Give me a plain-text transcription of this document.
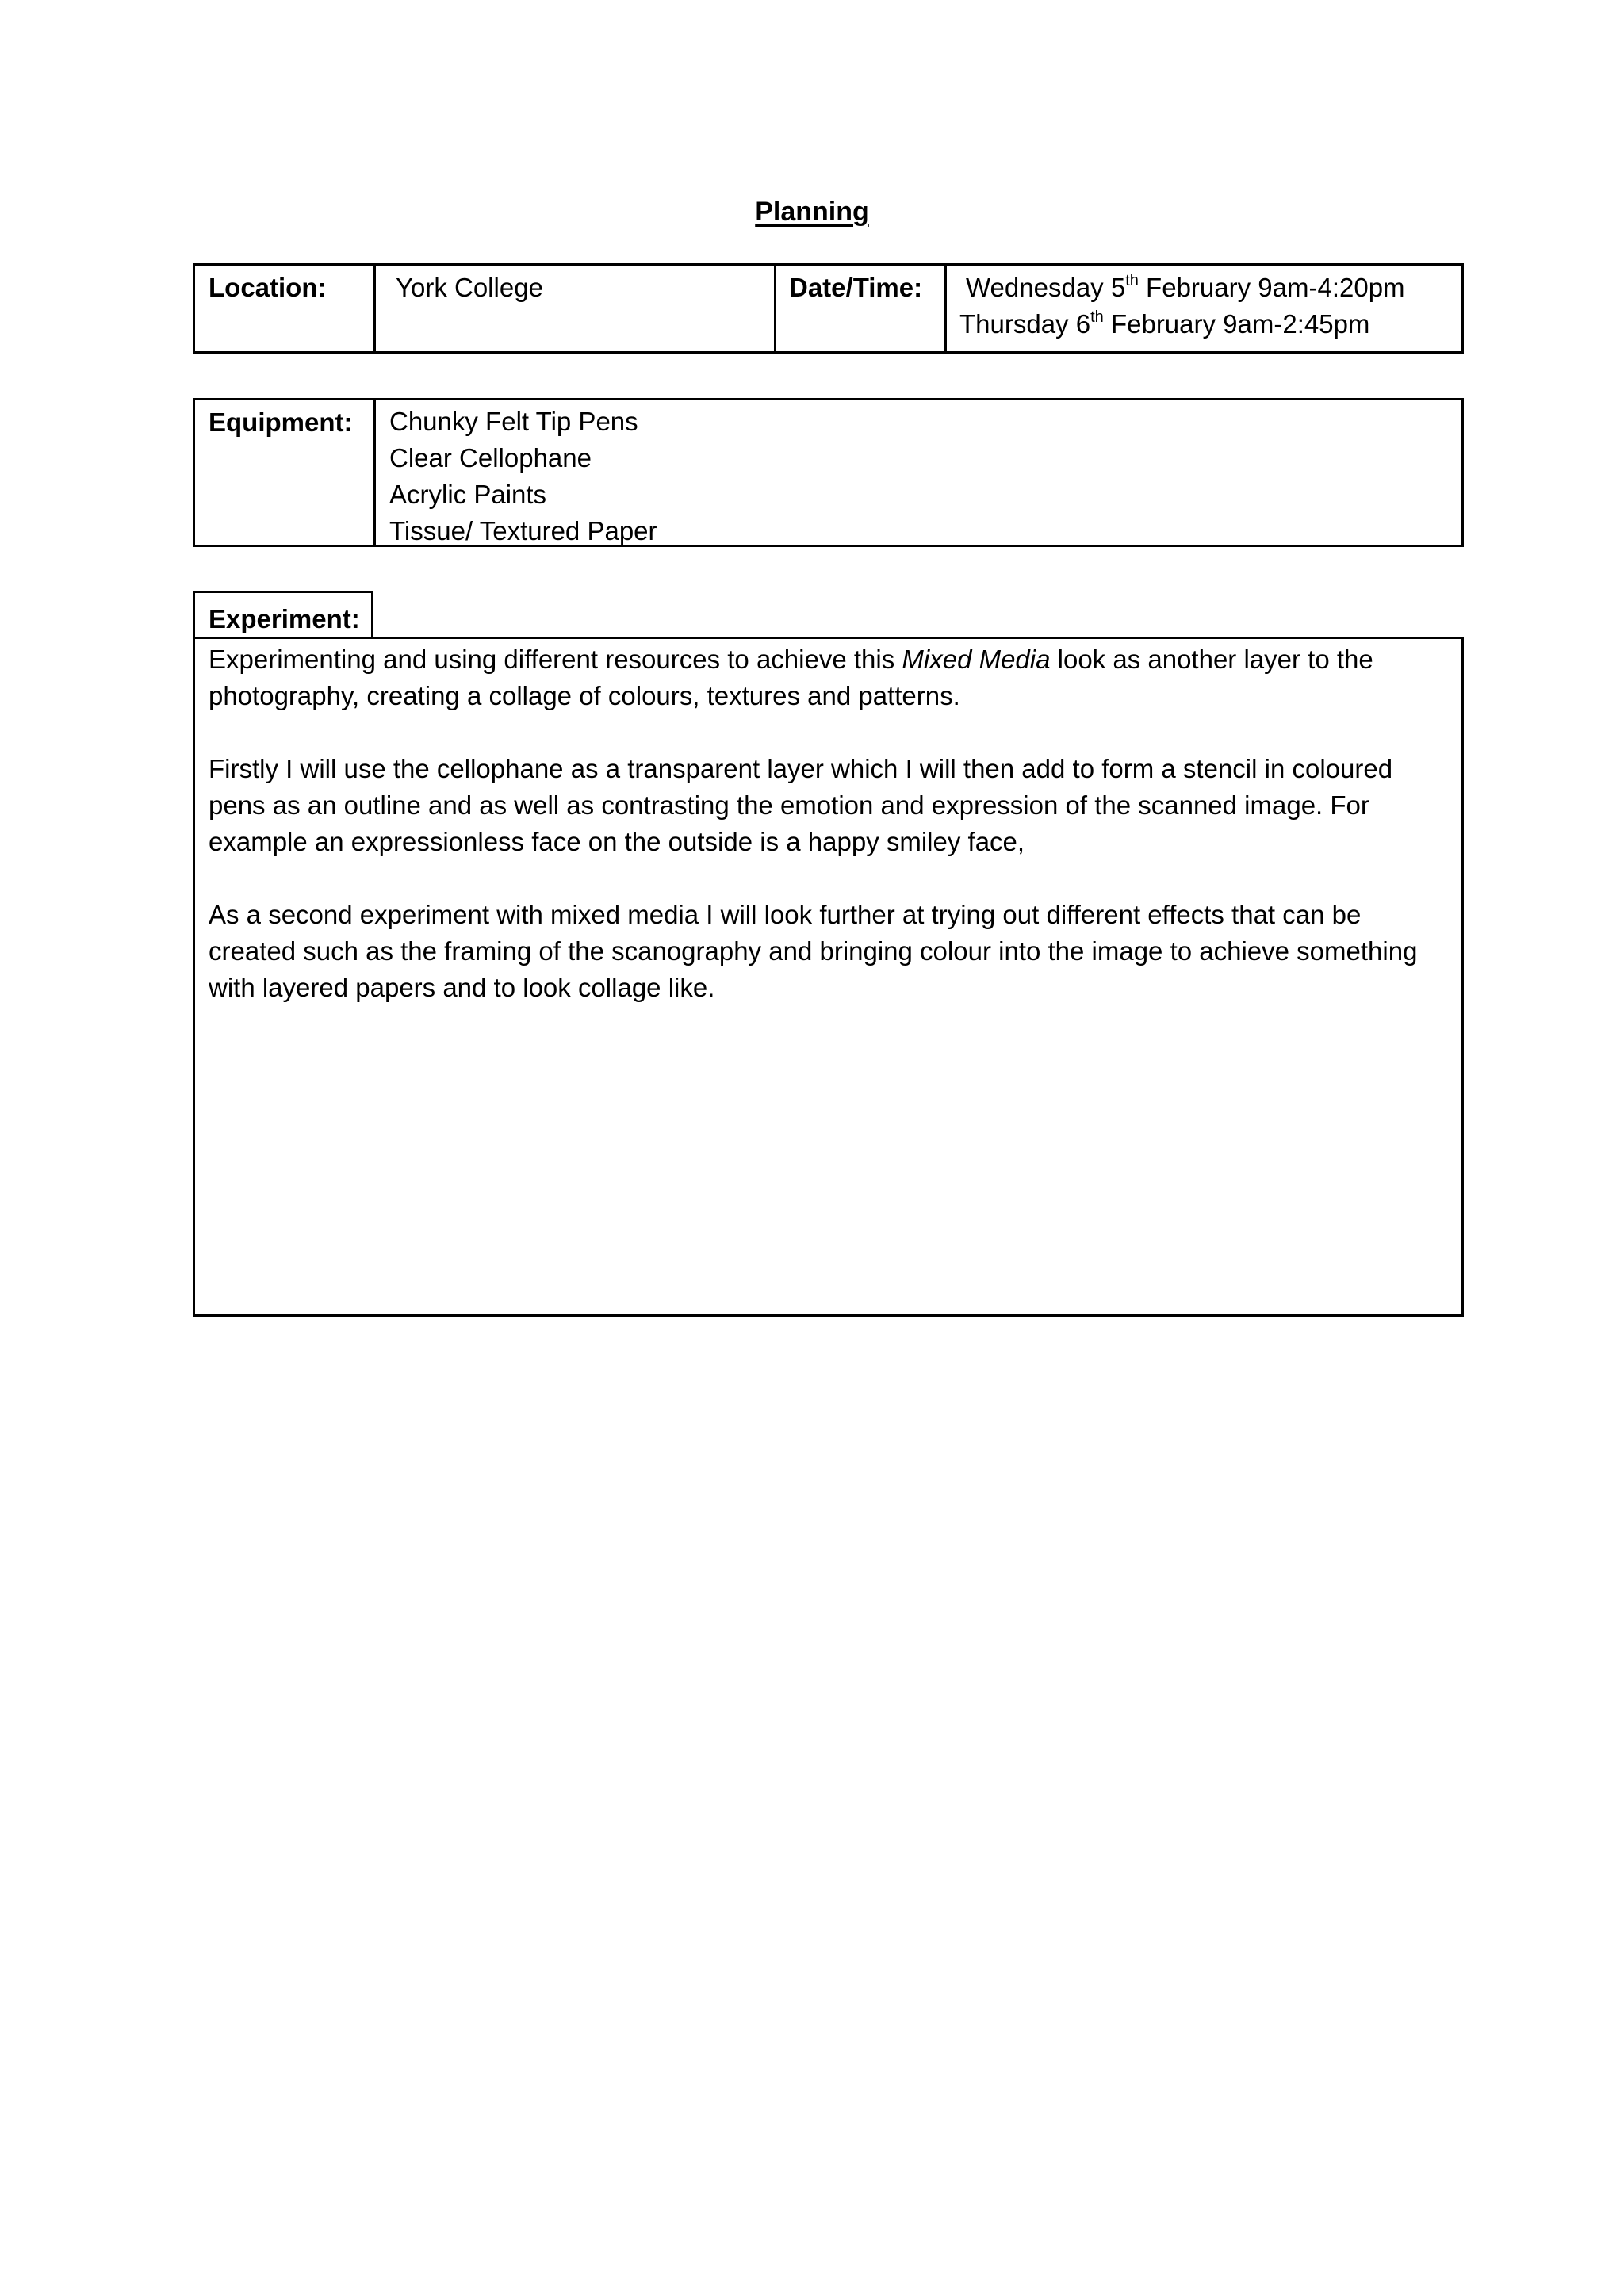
Planning
Location:	York College	Date/Time: Wednesday 5th February 9am-4:20pm
Thursday 6th February 9am-2:45pm
Equipment: Chunky Felt Tip Pens
Clear Cellophane
Acrylic Paints
Tissue/ Textured Paper
Experiment:

Experimenting and using different resources to achieve this Mixed Media look as another layer to the photography, creating a collage of colours, textures and patterns.

Firstly I will use the cellophane as a transparent layer which I will then add to form a stencil in coloured pens as an outline and as well as contrasting the emotion and expression of the scanned image. For example an expressionless face on the outside is a happy smiley face,

As a second experiment with mixed media I will look further at trying out different effects that can be created such as the framing of the scanography and bringing colour into the image to achieve something with layered papers and to look collage like.
